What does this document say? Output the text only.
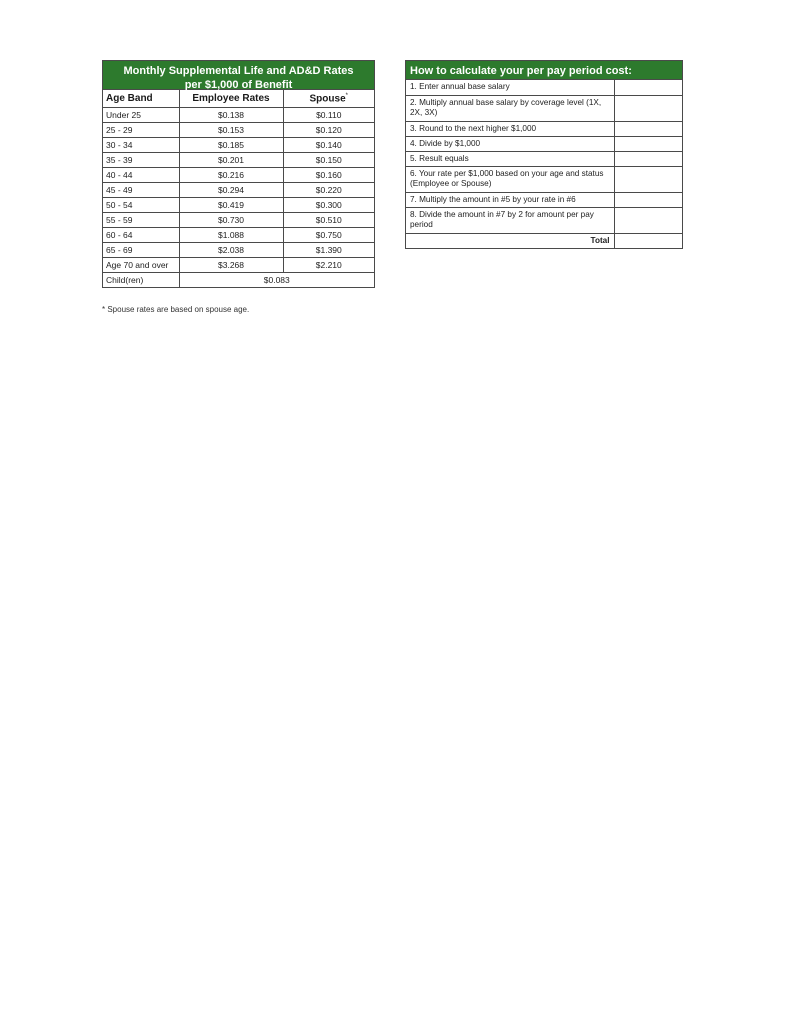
Monthly Supplemental Life and AD&D Rates
per $1,000 of Benefit
Age Band	Employee Rates	Spouse*
Under 25	$0.138	$0.110
25 - 29	$0.153	$0.120
30 - 34	$0.185	$0.140
35 - 39	$0.201	$0.150
40 - 44	$0.216	$0.160
45 - 49	$0.294	$0.220
50 - 54	$0.419	$0.300
55 - 59	$0.730	$0.510
60 - 64	$1.088	$0.750
65 - 69	$2.038	$1.390
Age 70 and over	$3.268	$2.210
Child(ren)	$0.083	
* Spouse rates are based on spouse age.
How to calculate your per pay period cost:
1. Enter annual base salary	
2. Multiply annual base salary by coverage level (1X, 2X, 3X)	
3. Round to the next higher $1,000	
4. Divide by $1,000	
5. Result equals	
6. Your rate per $1,000 based on your age and status (Employee or Spouse)	
7. Multiply the amount in #5 by your rate in #6	
8. Divide the amount in #7 by 2 for amount per pay period	
Total	
